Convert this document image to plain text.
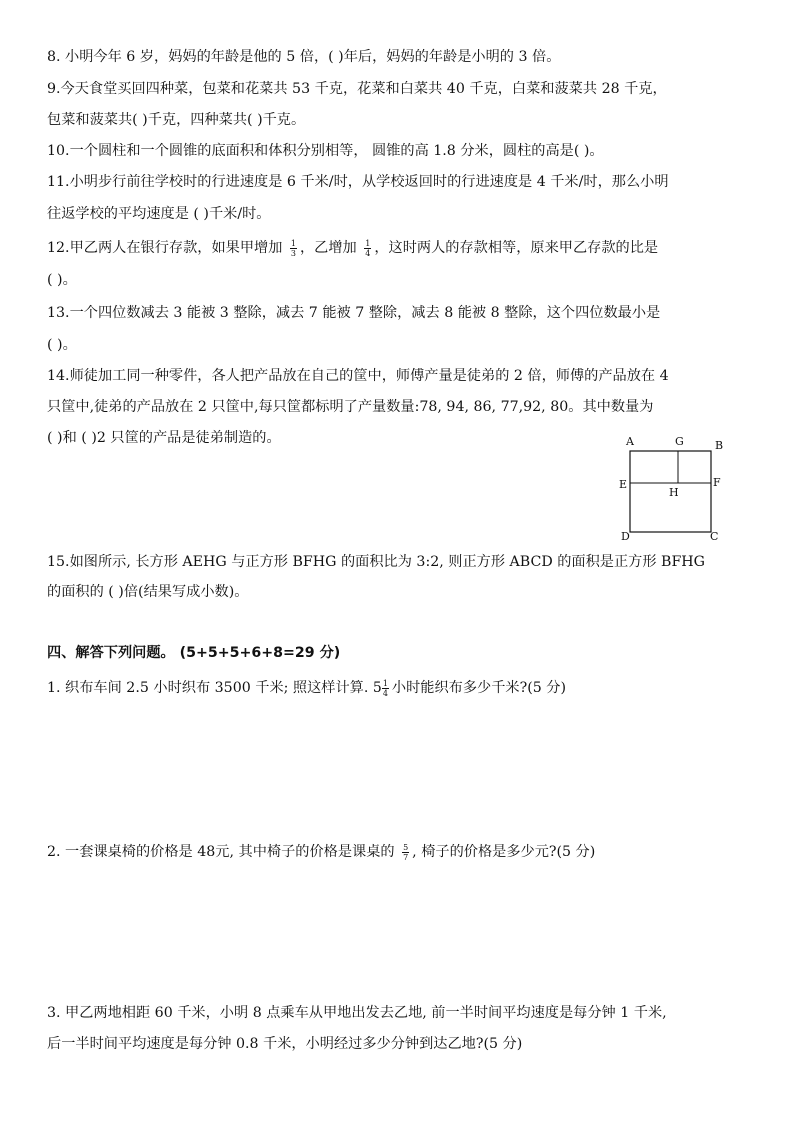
8. 小明今年 6 岁，妈妈的年龄是他的 5 倍，( )年后，妈妈的年龄是小明的 3 倍。
9.今天食堂买回四种菜，包菜和花菜共 53 千克，花菜和白菜共 40 千克，白菜和菠菜共 28 千克，
包菜和菠菜共( )千克，四种菜共( )千克。
10.一个圆柱和一个圆锥的底面积和体积分别相等， 圆锥的高 1.8 分米，圆柱的高是( )。
11.小明步行前往学校时的行进速度是 6 千米/时，从学校返回时的行进速度是 4 千米/时，那么小明
往返学校的平均速度是 ( )千米/时。
12.甲乙两人在银行存款，如果甲增加 $\frac{1}{3}$ ，乙增加 $\frac{1}{4}$ ，这时两人的存款相等，原来甲乙存款的比是
( )。
13.一个四位数减去 3 能被 3 整除，减去 7 能被 7 整除，减去 8 能被 8 整除，这个四位数最小是
( )。
14.师徒加工同一种零件，各人把产品放在自己的筐中，师傅产量是徒弟的 2 倍，师傅的产品放在 4
只筐中,徒弟的产品放在 2 只筐中,每只筐都标明了产量数量:78, 94, 86, 77,92, 80。其中数量为
( )和 ( )2 只筐的产品是徒弟制造的。	A	G	B
E
H
F
D	C
15.如图所示, 长方形 AEHG 与正方形 BFHG 的面积比为 3:2, 则正方形 ABCD 的面积是正方形 BFHG
的面积的 ( )倍(结果写成小数)。
四、解答下列问题。 (5+5+5+6+8=29 分)
1. 织布车间 2.5 小时织布 3500 千米; 照这样计算. $5 \frac{1}{4}$ 小时能织布多少千米?(5 分)
2. 一套课桌椅的价格是 48元, 其中椅子的价格是课桌的 $\frac{5}{7}$ , 椅子的价格是多少元?(5 分)
3. 甲乙两地相距 60 千米，小明 8 点乘车从甲地出发去乙地, 前一半时间平均速度是每分钟 1 千米,
后一半时间平均速度是每分钟 0.8 千米，小明经过多少分钟到达乙地?(5 分)
